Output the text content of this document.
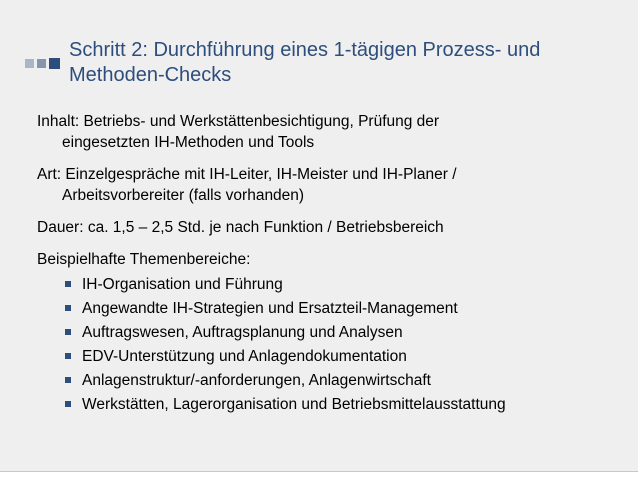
Schritt 2: Durchführung eines 1-tägigen Prozess- und
Methoden-Checks

Inhalt: Betriebs- und Werkstättenbesichtigung, Prüfung der
eingesetzten IH-Methoden und Tools

Art: Einzelgespräche mit IH-Leiter, IH-Meister und IH-Planer /
Arbeitsvorbereiter (falls vorhanden)

Dauer: ca. 1,5 – 2,5 Std. je nach Funktion / Betriebsbereich

Beispielhafte Themenbereiche:

IH-Organisation und Führung
Angewandte IH-Strategien und Ersatzteil-Management
Auftragswesen, Auftragsplanung und Analysen
EDV-Unterstützung und Anlagendokumentation
Anlagenstruktur/-anforderungen, Anlagenwirtschaft
Werkstätten, Lagerorganisation und Betriebsmittelausstattung
